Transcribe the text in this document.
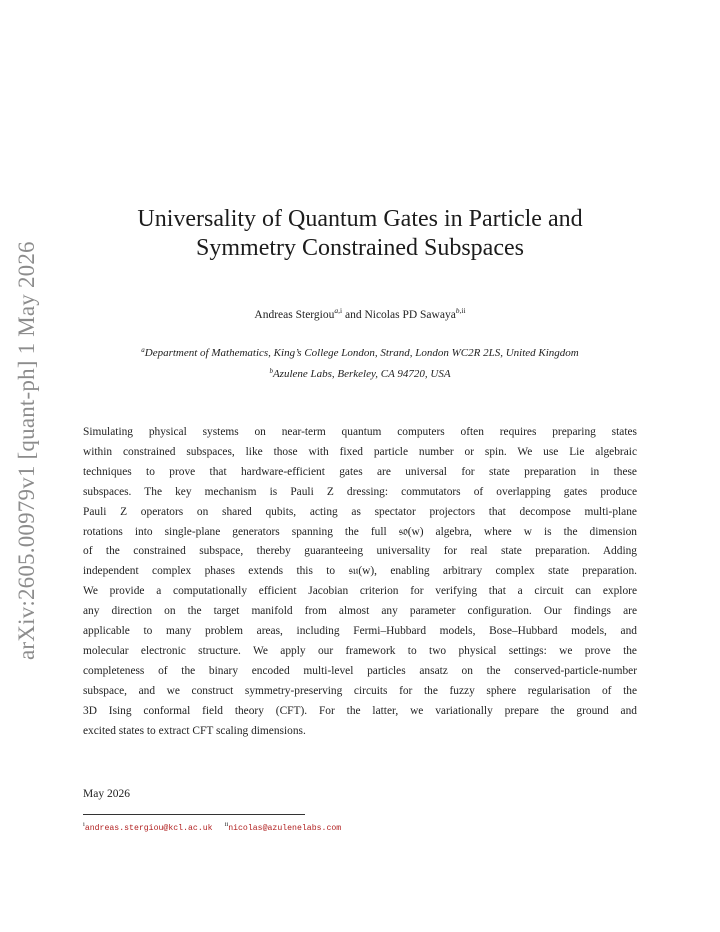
arXiv:2605.00979v1 [quant-ph] 1 May 2026
Universality of Quantum Gates in Particle and
Symmetry Constrained Subspaces
Andreas Stergiou$^{a,i}$ and Nicolas PD Sawaya$^{b,ii}$
$^a$Department of Mathematics, King’s College London, Strand, London WC2R 2LS, United Kingdom
$^b$Azulene Labs, Berkeley, CA 94720, USA
Simulating physical systems on near-term quantum computers often requires preparing states
within constrained subspaces, like those with fixed particle number or spin. We use Lie algebraic
techniques to prove that hardware-efficient gates are universal for state preparation in these
subspaces. The key mechanism is Pauli Z dressing: commutators of overlapping gates produce
Pauli Z operators on shared qubits, acting as spectator projectors that decompose multi-plane
rotations into single-plane generators spanning the full 𝔰𝔬(w) algebra, where w is the dimension
of the constrained subspace, thereby guaranteeing universality for real state preparation. Adding
independent complex phases extends this to 𝔰𝔲(w), enabling arbitrary complex state preparation.
We provide a computationally efficient Jacobian criterion for verifying that a circuit can explore
any direction on the target manifold from almost any parameter configuration. Our findings are
applicable to many problem areas, including Fermi–Hubbard models, Bose–Hubbard models, and
molecular electronic structure. We apply our framework to two physical settings: we prove the
completeness of the binary encoded multi-level particles ansatz on the conserved-particle-number
subspace, and we construct symmetry-preserving circuits for the fuzzy sphere regularisation of the
3D Ising conformal field theory (CFT). For the latter, we variationally prepare the ground and
excited states to extract CFT scaling dimensions.
May 2026
$^i$andreas.stergiou@kcl.ac.uk $^{ii}$nicolas@azulenelabs.com
